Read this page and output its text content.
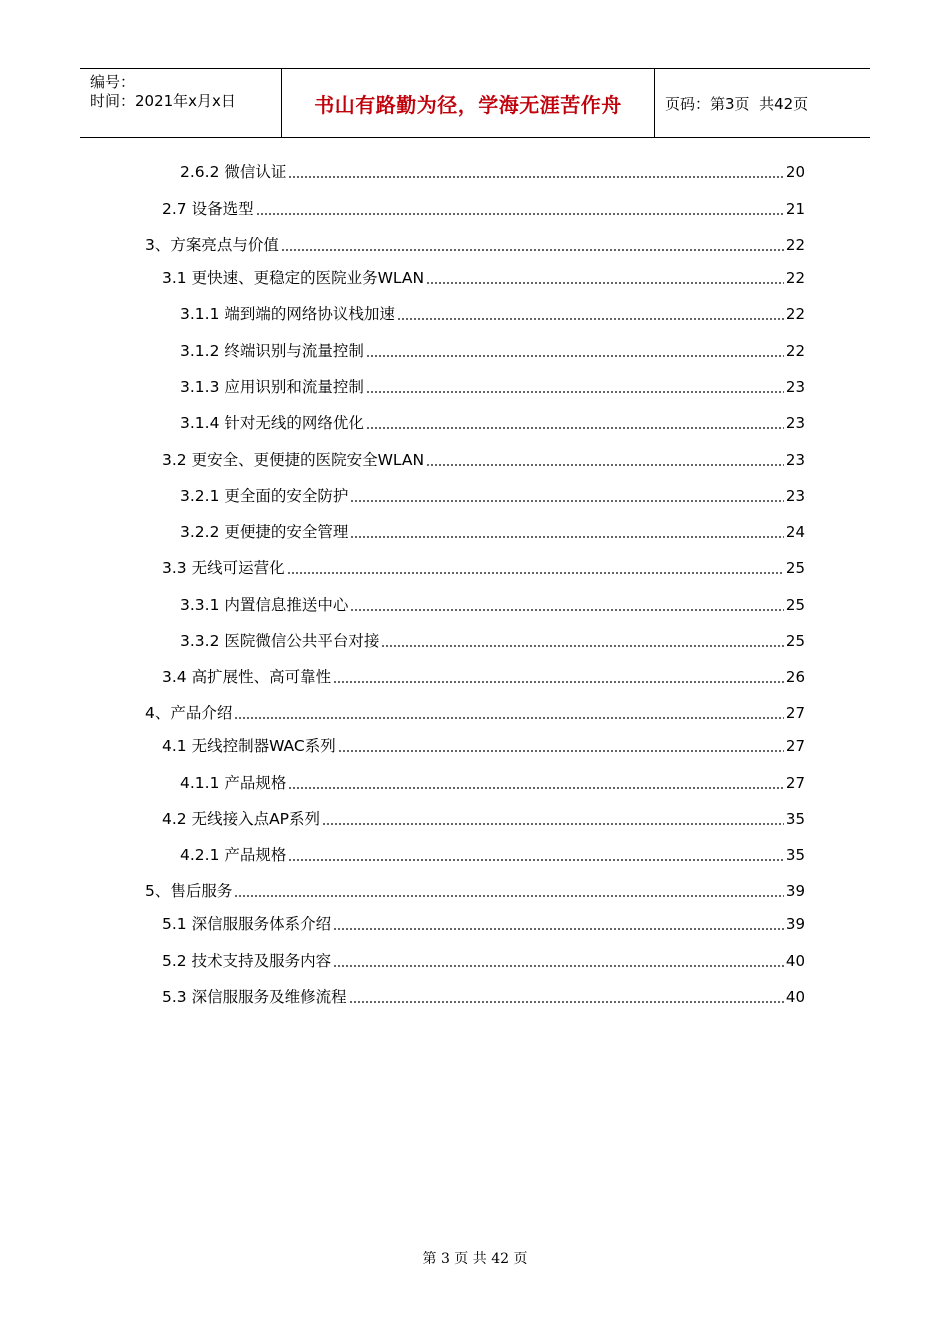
编号：
时间：2021年x月x日	书山有路勤为径，学海无涯苦作舟	页码：第3页  共42页
2.6.2 微信认证	20
2.7 设备选型	21
3、方案亮点与价值	22
3.1 更快速、更稳定的医院业务WLAN	22
3.1.1 端到端的网络协议栈加速	22
3.1.2 终端识别与流量控制	22
3.1.3 应用识别和流量控制	23
3.1.4 针对无线的网络优化	23
3.2 更安全、更便捷的医院安全WLAN	23
3.2.1 更全面的安全防护	23
3.2.2 更便捷的安全管理	24
3.3 无线可运营化	25
3.3.1 内置信息推送中心	25
3.3.2 医院微信公共平台对接	25
3.4 高扩展性、高可靠性	26
4、产品介绍	27
4.1 无线控制器WAC系列	27
4.1.1 产品规格	27
4.2 无线接入点AP系列	35
4.2.1 产品规格	35
5、售后服务	39
5.1 深信服服务体系介绍	39
5.2 技术支持及服务内容	40
5.3 深信服服务及维修流程	40
第 3 页 共 42 页
